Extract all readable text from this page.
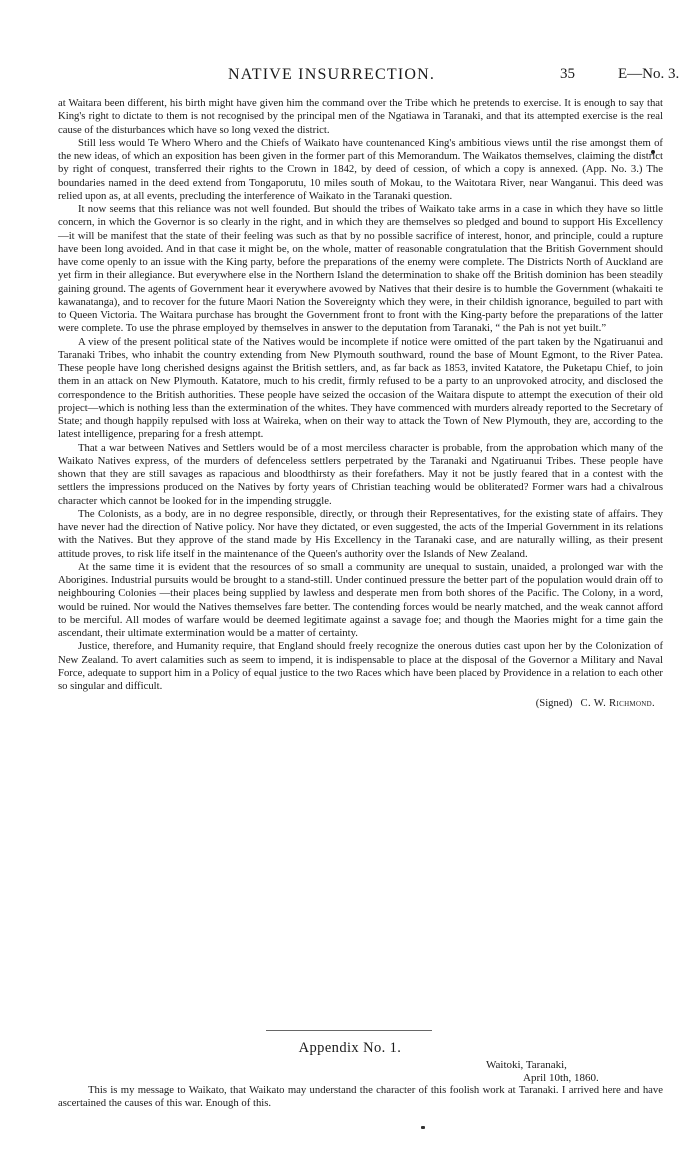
NATIVE INSURRECTION.	35	E—No. 3.

at Waitara been different, his birth might have given him the command over the Tribe which he pretends to exercise. It is enough to say that King's right to dictate to them is not recognised by the principal men of the Ngatiawa in Taranaki, and that its attempted exercise is the real cause of the disturbances which have so long vexed the district.

Still less would Te Whero Whero and the Chiefs of Waikato have countenanced King's ambitious views until the rise amongst them of the new ideas, of which an exposition has been given in the former part of this Memorandum. The Waikatos themselves, claiming the district by right of conquest, transferred their rights to the Crown in 1842, by deed of cession, of which a copy is annexed. (App. No. 3.) The boundaries named in the deed extend from Tongaporutu, 10 miles south of Mokau, to the Waitotara River, near Wanganui. This deed was relied upon as, at all events, precluding the interference of Waikato in the Taranaki question.

It now seems that this reliance was not well founded. But should the tribes of Waikato take arms in a case in which they have so little concern, in which the Governor is so clearly in the right, and in which they are themselves so pledged and bound to support His Excellency—it will be manifest that the state of their feeling was such as that by no possible sacrifice of interest, honor, and principle, could a rupture have been long avoided. And in that case it might be, on the whole, matter of reasonable congratulation that the British Government should have come openly to an issue with the King party, before the preparations of the enemy were complete. The Districts North of Auckland are yet firm in their allegiance. But everywhere else in the Northern Island the determination to shake off the British dominion has been steadily gaining ground. The agents of Government hear it everywhere avowed by Natives that their desire is to humble the Government (whakaiti te kawanatanga), and to recover for the future Maori Nation the Sovereignty which they were, in their childish ignorance, beguiled to part with to Queen Victoria. The Waitara purchase has brought the Government front to front with the King-party before the preparations of the latter were complete. To use the phrase employed by themselves in answer to the deputation from Taranaki, “ the Pah is not yet built.”

A view of the present political state of the Natives would be incomplete if notice were omitted of the part taken by the Ngatiruanui and Taranaki Tribes, who inhabit the country extending from New Plymouth southward, round the base of Mount Egmont, to the River Patea. These people have long cherished designs against the British settlers, and, as far back as 1853, invited Katatore, the Puketapu Chief, to join them in an attack on New Plymouth. Katatore, much to his credit, firmly refused to be a party to an unprovoked atrocity, and disclosed the correspondence to the British authorities. These people have seized the occasion of the Waitara dispute to attempt the execution of their old project—which is nothing less than the extermination of the whites. They have commenced with murders already reported to the Secretary of State; and though happily repulsed with loss at Waireka, when on their way to attack the Town of New Plymouth, they are, according to the latest intelligence, preparing for a fresh attempt.

That a war between Natives and Settlers would be of a most merciless character is probable, from the approbation which many of the Waikato Natives express, of the murders of defenceless settlers perpetrated by the Taranaki and Ngatiruanui Tribes. These people have shown that they are still savages as rapacious and bloodthirsty as their forefathers. May it not be justly feared that in a contest with the settlers the impressions produced on the Natives by forty years of Christian teaching would be obliterated? Former wars had a chivalrous character which cannot be looked for in the impending struggle.

The Colonists, as a body, are in no degree responsible, directly, or through their Representatives, for the existing state of affairs. They have never had the direction of Native policy. Nor have they dictated, or even suggested, the acts of the Imperial Government in its relations with the Natives. But they approve of the stand made by His Excellency in the Taranaki case, and are naturally willing, as their present attitude proves, to risk life itself in the maintenance of the Queen's authority over the Islands of New Zealand.

At the same time it is evident that the resources of so small a community are unequal to sustain, unaided, a prolonged war with the Aborigines. Industrial pursuits would be brought to a stand-still. Under continued pressure the better part of the population would drain off to neighbouring Colonies —their places being supplied by lawless and desperate men from both shores of the Pacific. The Colony, in a word, would be ruined. Nor would the Natives themselves fare better. The contending forces would be nearly matched, and the weak cannot afford to be merciful. All modes of warfare would be deemed legitimate against a savage foe; and though the Maories might for a time gain the ascendant, their ultimate extermination would be a matter of certainty.

Justice, therefore, and Humanity require, that England should freely recognize the onerous duties cast upon her by the Colonization of New Zealand. To avert calamities such as seem to impend, it is indispensable to place at the disposal of the Governor a Military and Naval Force, adequate to support him in a Policy of equal justice to the two Races which have been placed by Providence in a relation to each other so singular and difficult.

(Signed) C. W. Richmond.
Appendix No. 1.
Waitoki, Taranaki,
April 10th, 1860.

This is my message to Waikato, that Waikato may understand the character of this foolish work at Taranaki. I arrived here and have ascertained the causes of this war. Enough of this.
